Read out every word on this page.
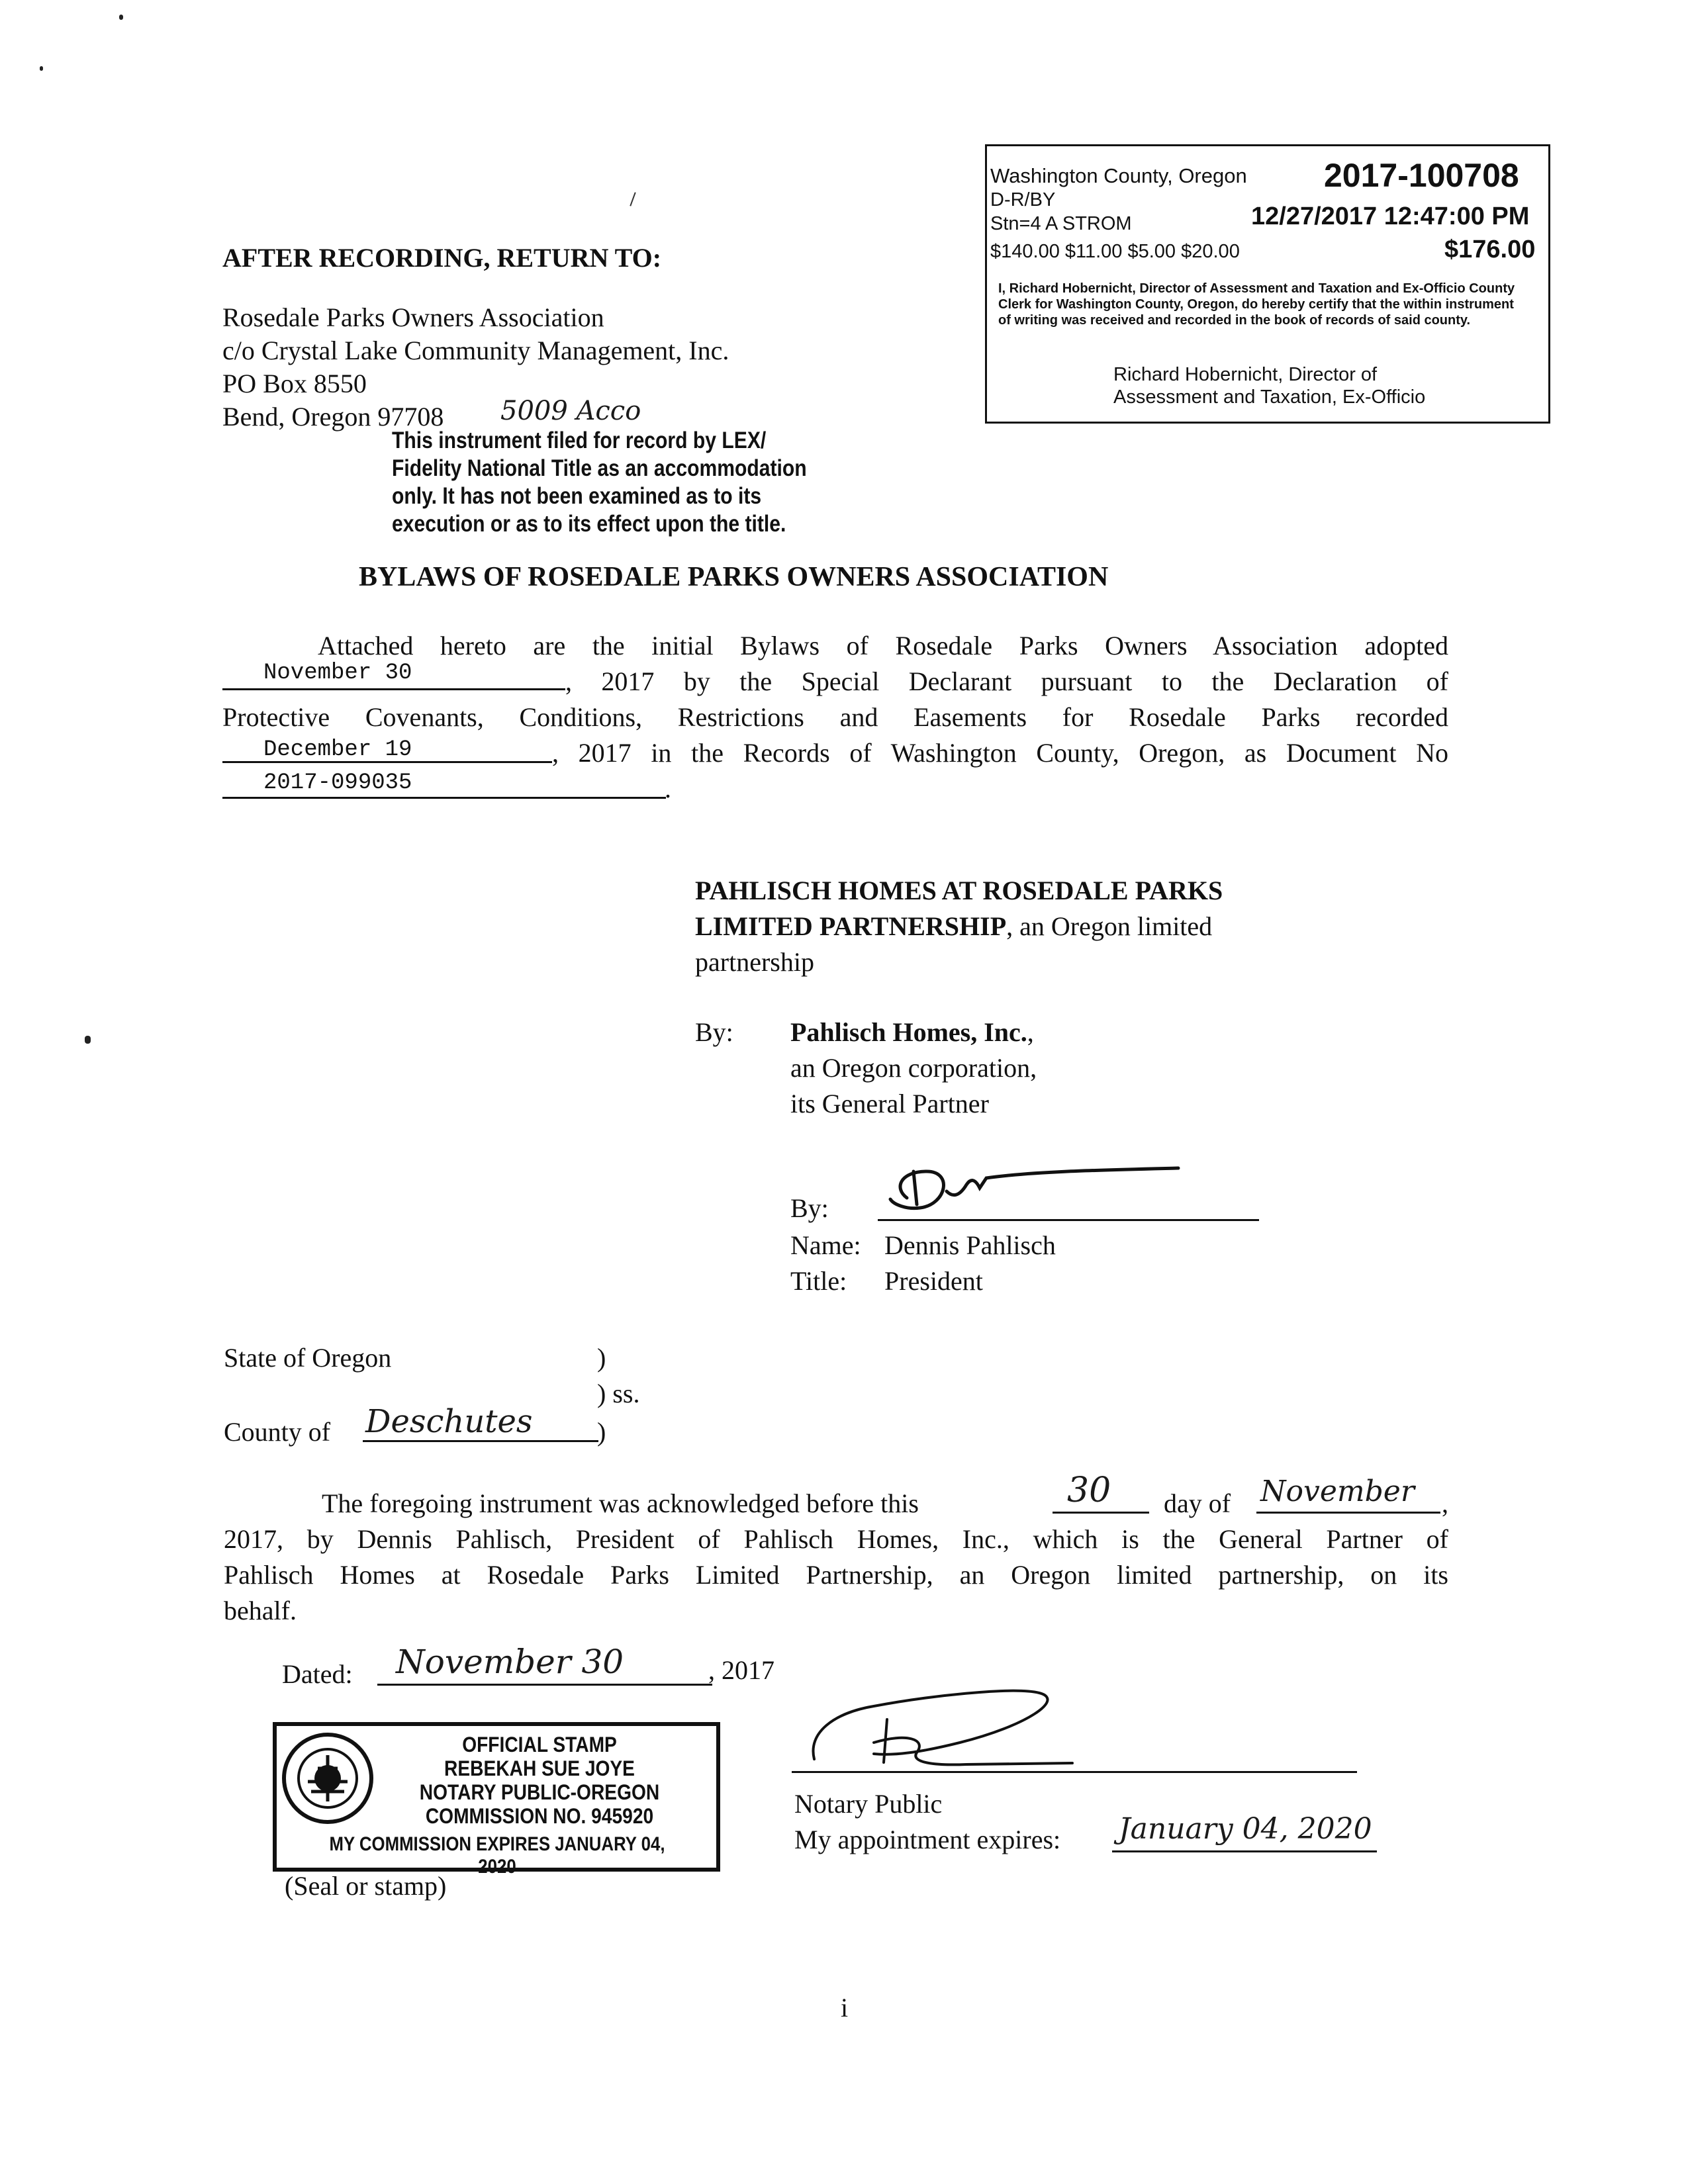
Washington County, Oregon 2017-100708
D-R/BY
Stn=4 A STROM	12/27/2017 12:47:00 PM
$140.00 $11.00 $5.00 $20.00	$176.00
I, Richard Hobernicht, Director of Assessment and Taxation and Ex-Officio County Clerk for Washington County, Oregon, do hereby certify that the within instrument of writing was received and recorded in the book of records of said county.
Richard Hobernicht, Director of
Assessment and Taxation, Ex-Officio
AFTER RECORDING, RETURN TO:
Rosedale Parks Owners Association
c/o Crystal Lake Community Management, Inc.
PO Box 8550
Bend, Oregon 97708 5009 Acco
This instrument filed for record by LEX/
Fidelity National Title as an accommodation
only. It has not been examined as to its
execution or as to its effect upon the title.
BYLAWS OF ROSEDALE PARKS OWNERS ASSOCIATION
Attached hereto are the initial Bylaws of Rosedale Parks Owners Association adopted
November 30	, 2017 by the Special Declarant pursuant to the Declaration of
Protective Covenants, Conditions, Restrictions and Easements for Rosedale Parks recorded
December 19	, 2017 in the Records of Washington County, Oregon, as Document No
2017-099035	.
PAHLISCH HOMES AT ROSEDALE PARKS
LIMITED PARTNERSHIP, an Oregon limited
partnership
By: Pahlisch Homes, Inc.,
an Oregon corporation,
its General Partner
By:
Name: Dennis Pahlisch
Title: President
State of Oregon	)
) ss.
County of Deschutes )
The foregoing instrument was acknowledged before this	30 day of November ,
2017, by Dennis Pahlisch, President of Pahlisch Homes, Inc., which is the General Partner of
Pahlisch Homes at Rosedale Parks Limited Partnership, an Oregon limited partnership, on its
behalf.
Dated: November 30	, 2017
OFFICIAL STAMP
REBEKAH SUE JOYE
NOTARY PUBLIC-OREGON
COMMISSION NO. 945920
MY COMMISSION EXPIRES JANUARY 04, 2020
(Seal or stamp)
Notary Public
My appointment expires: January 04, 2020
i
